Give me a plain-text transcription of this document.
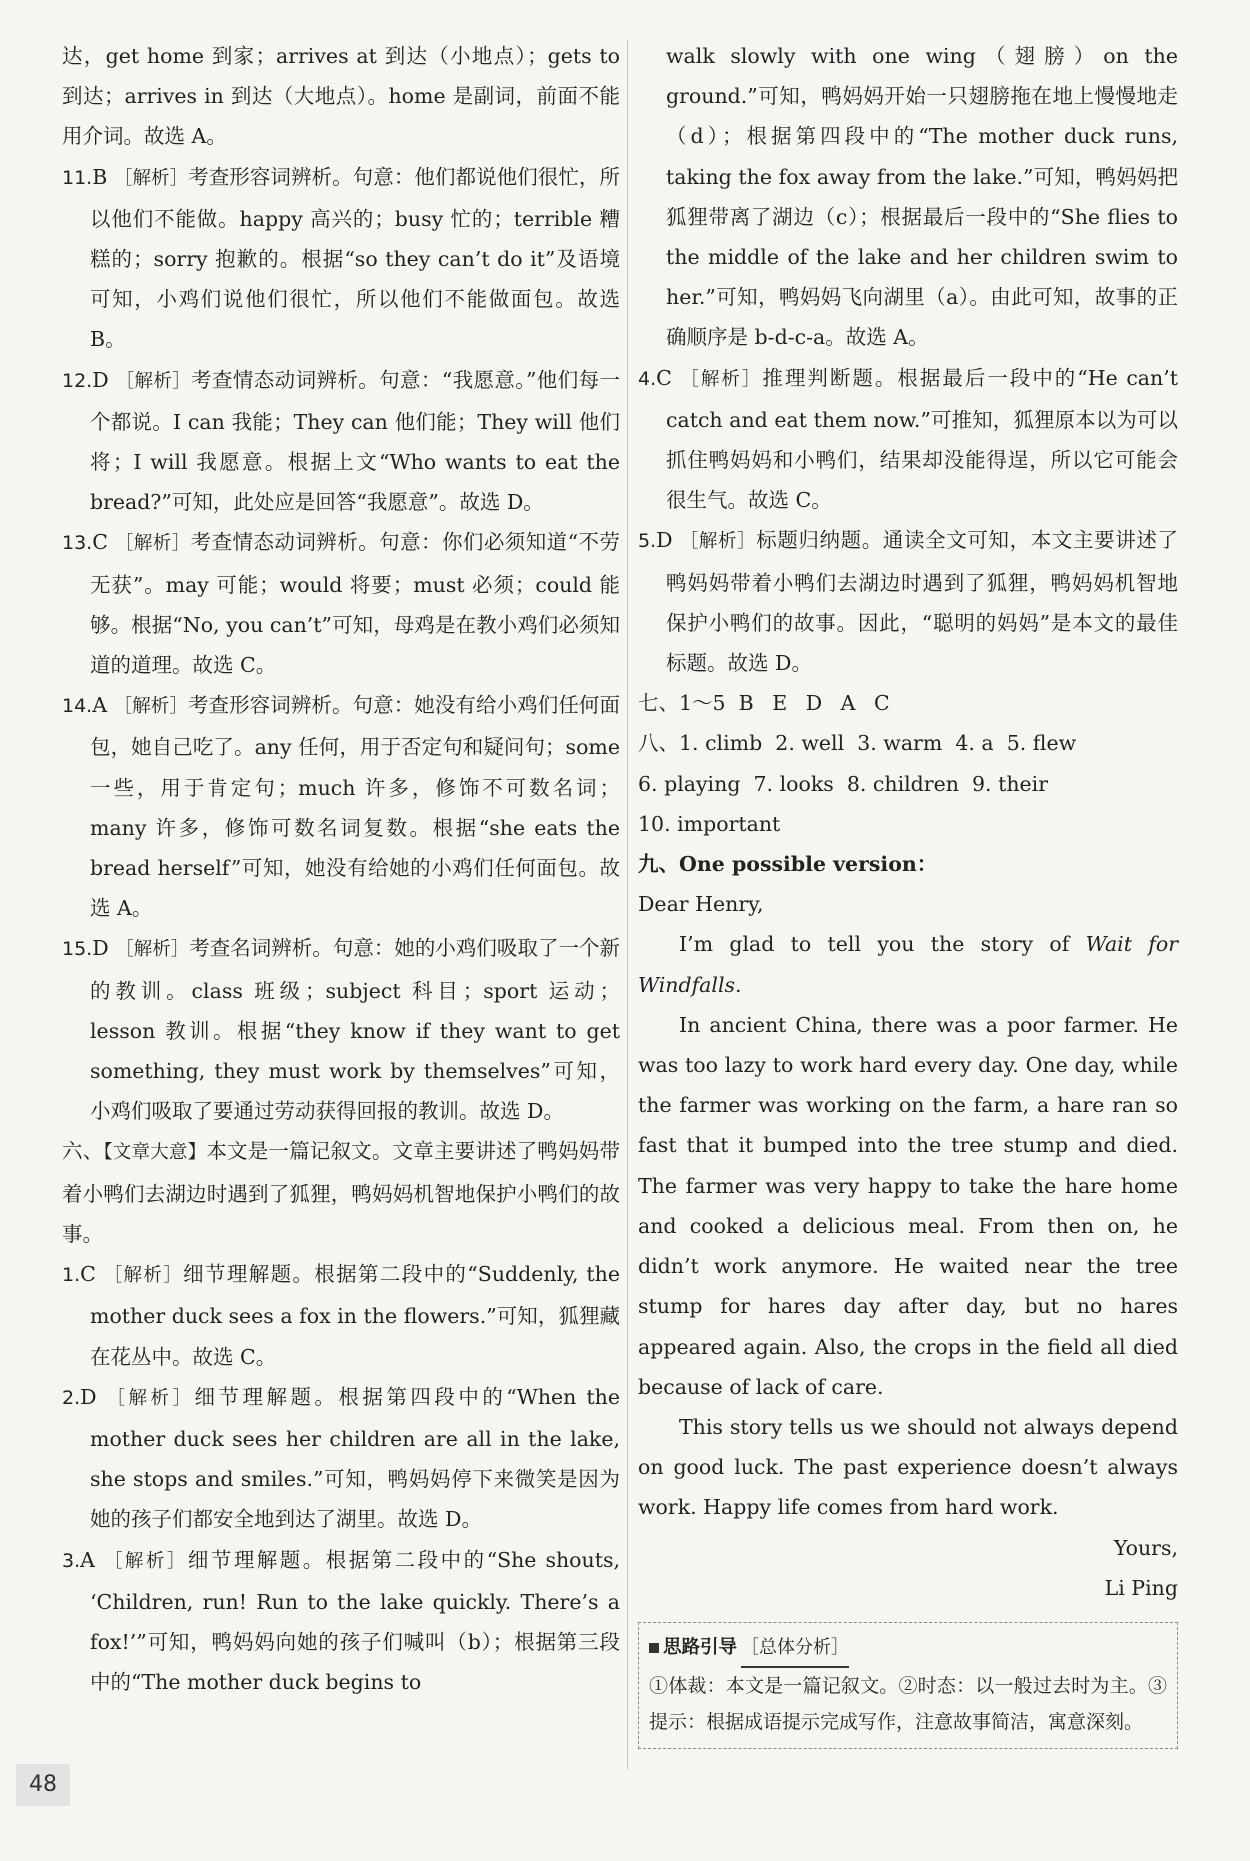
达，get home 到家；arrives at 到达（小地点）；gets to 到达；arrives in 到达（大地点）。home 是副词，前面不能用介词。故选 A。

11.B ［解析］考查形容词辨析。句意：他们都说他们很忙，所以他们不能做。happy 高兴的；busy 忙的；terrible 糟糕的；sorry 抱歉的。根据“so they can’t do it”及语境可知，小鸡们说他们很忙，所以他们不能做面包。故选 B。

12.D ［解析］考查情态动词辨析。句意：“我愿意。”他们每一个都说。I can 我能；They can 他们能；They will 他们将；I will 我愿意。根据上文“Who wants to eat the bread?”可知，此处应是回答“我愿意”。故选 D。

13.C ［解析］考查情态动词辨析。句意：你们必须知道“不劳无获”。may 可能；would 将要；must 必须；could 能够。根据“No, you can’t”可知，母鸡是在教小鸡们必须知道的道理。故选 C。

14.A ［解析］考查形容词辨析。句意：她没有给小鸡们任何面包，她自己吃了。any 任何，用于否定句和疑问句；some 一些，用于肯定句；much 许多，修饰不可数名词；many 许多，修饰可数名词复数。根据“she eats the bread herself”可知，她没有给她的小鸡们任何面包。故选 A。

15.D ［解析］考查名词辨析。句意：她的小鸡们吸取了一个新的教训。class 班级；subject 科目；sport 运动；lesson 教训。根据“they know if they want to get something, they must work by themselves”可知，小鸡们吸取了要通过劳动获得回报的教训。故选 D。

六、【文章大意】本文是一篇记叙文。文章主要讲述了鸭妈妈带着小鸭们去湖边时遇到了狐狸，鸭妈妈机智地保护小鸭们的故事。

1.C ［解析］细节理解题。根据第二段中的“Suddenly, the mother duck sees a fox in the flowers.”可知，狐狸藏在花丛中。故选 C。

2.D ［解析］细节理解题。根据第四段中的“When the mother duck sees her children are all in the lake, she stops and smiles.”可知，鸭妈妈停下来微笑是因为她的孩子们都安全地到达了湖里。故选 D。

3.A ［解析］细节理解题。根据第二段中的“She shouts, ‘Children, run! Run to the lake quickly. There’s a fox!’”可知，鸭妈妈向她的孩子们喊叫（b）；根据第三段中的“The mother duck begins to

walk slowly with one wing（翅膀）on the ground.”可知，鸭妈妈开始一只翅膀拖在地上慢慢地走（d）；根据第四段中的“The mother duck runs, taking the fox away from the lake.”可知，鸭妈妈把狐狸带离了湖边（c）；根据最后一段中的“She flies to the middle of the lake and her children swim to her.”可知，鸭妈妈飞向湖里（a）。由此可知，故事的正确顺序是 b-d-c-a。故选 A。

4.C ［解析］推理判断题。根据最后一段中的“He can’t catch and eat them now.”可推知，狐狸原本以为可以抓住鸭妈妈和小鸭们，结果却没能得逞，所以它可能会很生气。故选 C。

5.D ［解析］标题归纳题。通读全文可知，本文主要讲述了鸭妈妈带着小鸭们去湖边时遇到了狐狸，鸭妈妈机智地保护小鸭们的故事。因此，“聪明的妈妈”是本文的最佳标题。故选 D。

七、1～5 B E D A C

八、1. climb 2. well 3. warm 4. a 5. flew
6. playing 7. looks 8. children 9. their
10. important

九、One possible version：

Dear Henry,

I’m glad to tell you the story of Wait for Windfalls.

In ancient China, there was a poor farmer. He was too lazy to work hard every day. One day, while the farmer was working on the farm, a hare ran so fast that it bumped into the tree stump and died. The farmer was very happy to take the hare home and cooked a delicious meal. From then on, he didn’t work anymore. He waited near the tree stump for hares day after day, but no hares appeared again. Also, the crops in the field all died because of lack of care.

This story tells us we should not always depend on good luck. The past experience doesn’t always work. Happy life comes from hard work.

Yours,

Li Ping

思路引导 ［总体分析］

①体裁：本文是一篇记叙文。②时态：以一般过去时为主。③提示：根据成语提示完成写作，注意故事简洁，寓意深刻。

48
